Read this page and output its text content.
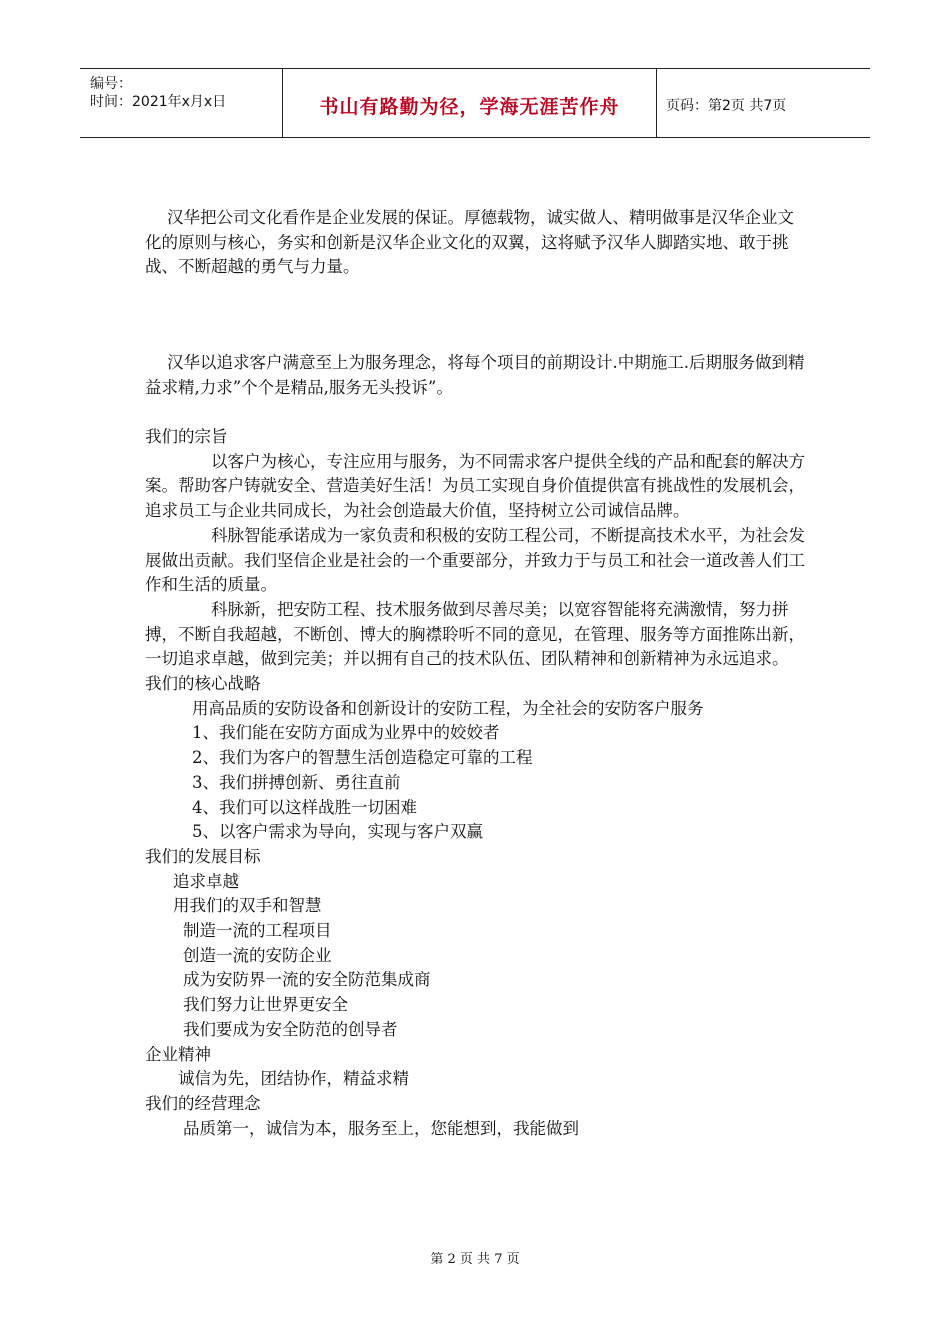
编号：
时间：2021年x月x日	书山有路勤为径，学海无涯苦作舟	页码：第2页 共7页

汉华把公司文化看作是企业发展的保证。厚德载物，诚实做人、精明做事是汉华企业文化的原则与核心，务实和创新是汉华企业文化的双翼，这将赋予汉华人脚踏实地、敢于挑战、不断超越的勇气与力量。

汉华以追求客户满意至上为服务理念，将每个项目的前期设计.中期施工.后期服务做到精益求精,力求”个个是精品,服务无头投诉”。

我们的宗旨

以客户为核心，专注应用与服务，为不同需求客户提供全线的产品和配套的解决方案。帮助客户铸就安全、营造美好生活！为员工实现自身价值提供富有挑战性的发展机会，追求员工与企业共同成长，为社会创造最大价值，坚持树立公司诚信品牌。

科脉智能承诺成为一家负责和积极的安防工程公司，不断提高技术水平，为社会发展做出贡献。我们坚信企业是社会的一个重要部分，并致力于与员工和社会一道改善人们工作和生活的质量。

科脉新，把安防工程、技术服务做到尽善尽美；以宽容智能将充满激情，努力拼搏，不断自我超越，不断创、博大的胸襟聆听不同的意见，在管理、服务等方面推陈出新，一切追求卓越，做到完美；并以拥有自己的技术队伍、团队精神和创新精神为永远追求。

我们的核心战略

用高品质的安防设备和创新设计的安防工程，为全社会的安防客户服务

1、我们能在安防方面成为业界中的姣姣者

2、我们为客户的智慧生活创造稳定可靠的工程

3、我们拼搏创新、勇往直前

4、我们可以这样战胜一切困难

5、以客户需求为导向，实现与客户双赢

我们的发展目标

追求卓越

用我们的双手和智慧

制造一流的工程项目

创造一流的安防企业

成为安防界一流的安全防范集成商

我们努力让世界更安全

我们要成为安全防范的创导者

企业精神

诚信为先，团结协作，精益求精

我们的经营理念

品质第一，诚信为本，服务至上，您能想到，我能做到

第 2 页 共 7 页
